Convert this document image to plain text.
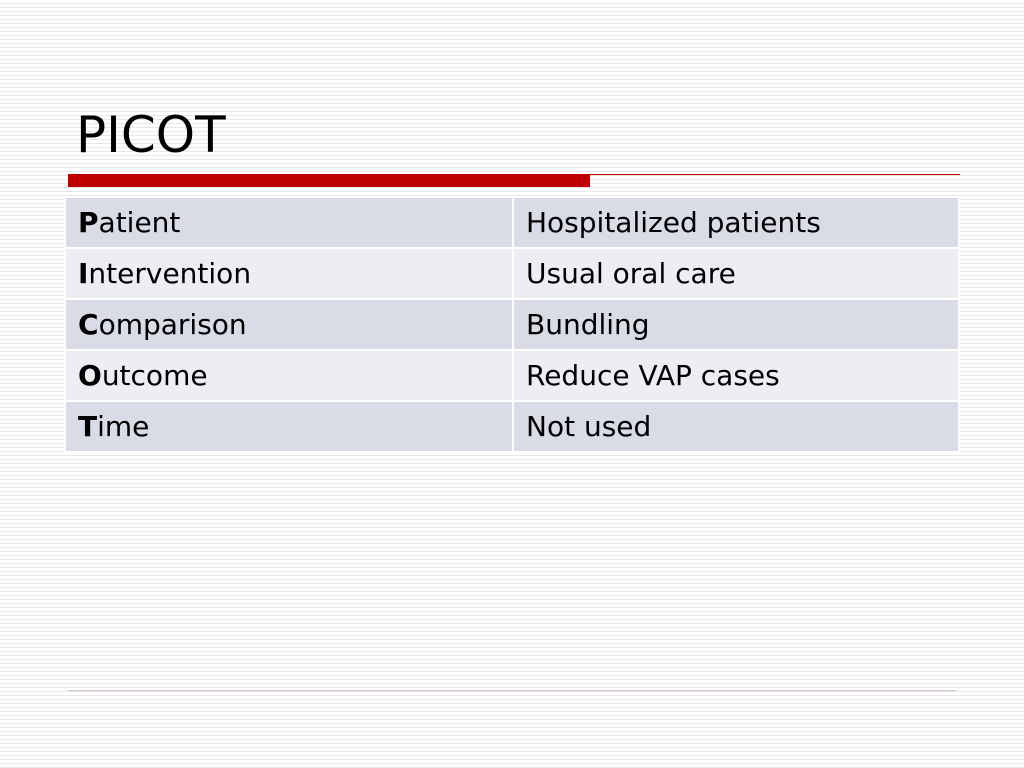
PICOT
Patient	Hospitalized patients
Intervention	Usual oral care
Comparison	Bundling
Outcome	Reduce VAP cases
Time	Not used
